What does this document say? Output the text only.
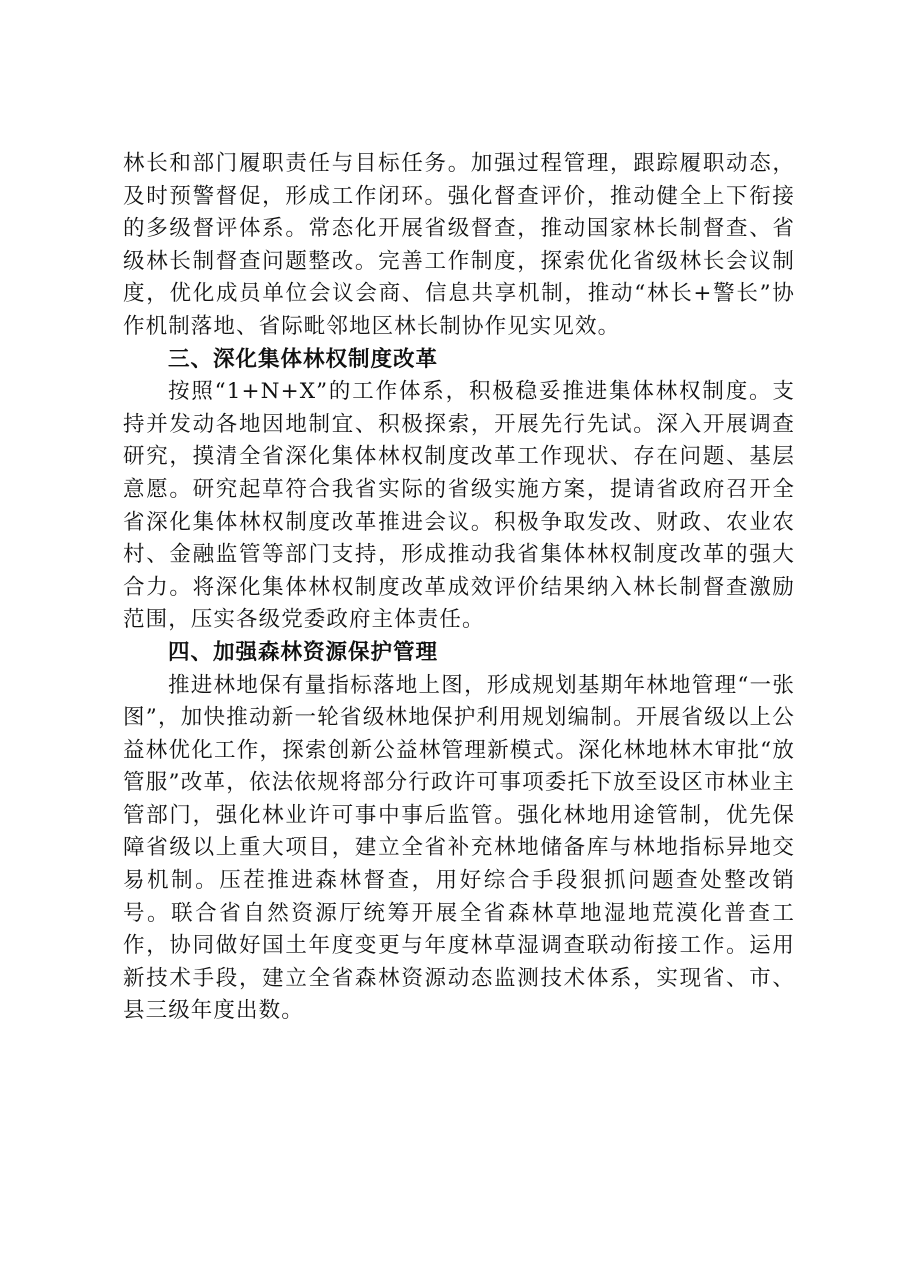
林长和部门履职责任与目标任务。加强过程管理，跟踪履职动态，及时预警督促，形成工作闭环。强化督查评价，推动健全上下衔接的多级督评体系。常态化开展省级督查，推动国家林长制督查、省级林长制督查问题整改。完善工作制度，探索优化省级林长会议制度，优化成员单位会议会商、信息共享机制，推动“林长+警长”协作机制落地、省际毗邻地区林长制协作见实见效。

三、深化集体林权制度改革

按照“1+N+X”的工作体系，积极稳妥推进集体林权制度。支持并发动各地因地制宜、积极探索，开展先行先试。深入开展调查研究，摸清全省深化集体林权制度改革工作现状、存在问题、基层意愿。研究起草符合我省实际的省级实施方案，提请省政府召开全省深化集体林权制度改革推进会议。积极争取发改、财政、农业农村、金融监管等部门支持，形成推动我省集体林权制度改革的强大合力。将深化集体林权制度改革成效评价结果纳入林长制督查激励范围，压实各级党委政府主体责任。

四、加强森林资源保护管理

推进林地保有量指标落地上图，形成规划基期年林地管理“一张图”，加快推动新一轮省级林地保护利用规划编制。开展省级以上公益林优化工作，探索创新公益林管理新模式。深化林地林木审批“放管服”改革，依法依规将部分行政许可事项委托下放至设区市林业主管部门，强化林业许可事中事后监管。强化林地用途管制，优先保障省级以上重大项目，建立全省补充林地储备库与林地指标异地交易机制。压茬推进森林督查，用好综合手段狠抓问题查处整改销号。联合省自然资源厅统筹开展全省森林草地湿地荒漠化普查工作，协同做好国土年度变更与年度林草湿调查联动衔接工作。运用新技术手段，建立全省森林资源动态监测技术体系，实现省、市、县三级年度出数。
